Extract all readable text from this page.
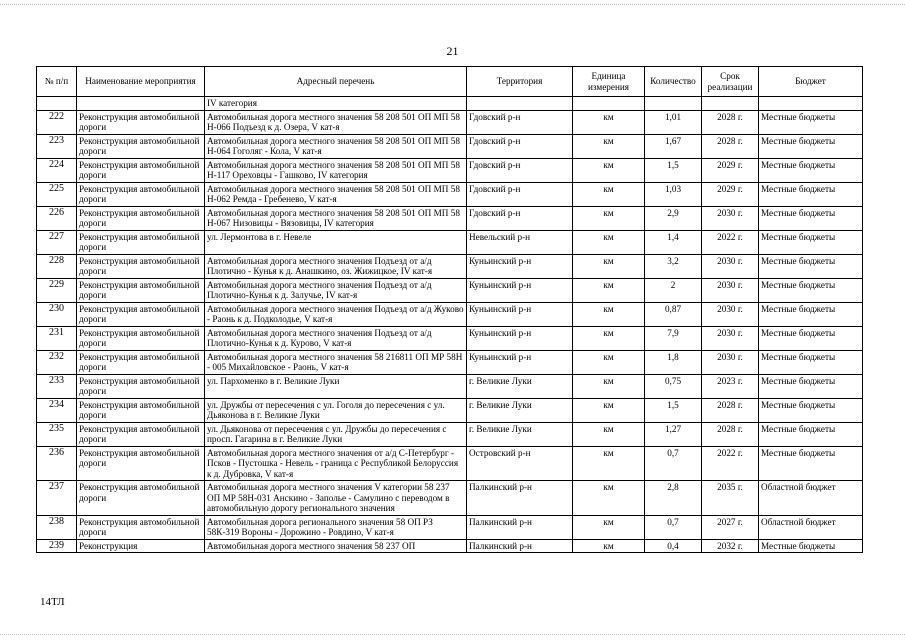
21
№ п/п	Наименование мероприятия	Адресный перечень	Территория	Единица измерения	Количество	Срок реализации	Бюджет
		IV категория					
222	Реконструкция автомобильной дороги	Автомобильная дорога местного значения 58 208 501 ОП МП 58 Н-066 Подъезд к д. Озера, V кат-я	Гдовский р-н	км	1,01	2028 г.	Местные бюджеты
223	Реконструкция автомобильной дороги	Автомобильная дорога местного значения 58 208 501 ОП МП 58 Н-064 Гоголяг - Кола, V кат-я	Гдовский р-н	км	1,67	2028 г.	Местные бюджеты
224	Реконструкция автомобильной дороги	Автомобильная дорога местного значения 58 208 501 ОП МП 58 Н-117 Ореховцы - Гашково, IV категория	Гдовский р-н	км	1,5	2029 г.	Местные бюджеты
225	Реконструкция автомобильной дороги	Автомобильная дорога местного значения 58 208 501 ОП МП 58 Н-062 Ремда - Гребенево, V кат-я	Гдовский р-н	км	1,03	2029 г.	Местные бюджеты
226	Реконструкция автомобильной дороги	Автомобильная дорога местного значения 58 208 501 ОП МП 58 Н-067 Низовицы - Вязовицы, IV категория	Гдовский р-н	км	2,9	2030 г.	Местные бюджеты
227	Реконструкция автомобильной дороги	ул. Лермонтова в г. Невеле	Невельский р-н	км	1,4	2022 г.	Местные бюджеты
228	Реконструкция автомобильной дороги	Автомобильная дорога местного значения Подъезд от а/д Плотично - Кунья к д. Анашкино, оз. Жижицкое, IV кат-я	Куньинский р-н	км	3,2	2030 г.	Местные бюджеты
229	Реконструкция автомобильной дороги	Автомобильная дорога местного значения Подъезд от а/д Плотично-Кунья к д. Залучье, IV кат-я	Куньинский р-н	км	2	2030 г.	Местные бюджеты
230	Реконструкция автомобильной дороги	Автомобильная дорога местного значения Подъезд от а/д Жуково - Раонь к д. Подколодье, V кат-я	Куньинский р-н	км	0,87	2030 г.	Местные бюджеты
231	Реконструкция автомобильной дороги	Автомобильная дорога местного значения Подъезд от а/д Плотично-Кунья к д. Курово, V кат-я	Куньинский р-н	км	7,9	2030 г.	Местные бюджеты
232	Реконструкция автомобильной дороги	Автомобильная дорога местного значения 58 216811 ОП МР 58Н - 005 Михайловское - Раонь, V кат-я	Куньинский р-н	км	1,8	2030 г.	Местные бюджеты
233	Реконструкция автомобильной дороги	ул. Пархоменко в г. Великие Луки	г. Великие Луки	км	0,75	2023 г.	Местные бюджеты
234	Реконструкция автомобильной дороги	ул. Дружбы от пересечения с ул. Гоголя до пересечения с ул. Дьяконова в г. Великие Луки	г. Великие Луки	км	1,5	2028 г.	Местные бюджеты
235	Реконструкция автомобильной дороги	ул. Дьяконова от пересечения с ул. Дружбы до пересечения с просп. Гагарина в г. Великие Луки	г. Великие Луки	км	1,27	2028 г.	Местные бюджеты
236	Реконструкция автомобильной дороги	Автомобильная дорога местного значения от а/д С-Петербург - Псков - Пустошка - Невель - граница с Республикой Белоруссия к д. Дубровка, V кат-я	Островский р-н	км	0,7	2022 г.	Местные бюджеты
237	Реконструкция автомобильной дороги	Автомобильная дорога местного значения V категории 58 237 ОП МР 58Н-031 Анскино - Заполье - Самулино с переводом в автомобильную дорогу регионального значения	Палкинский р-н	км	2,8	2035 г.	Областной бюджет
238	Реконструкция автомобильной дороги	Автомобильная дорога регионального значения 58 ОП РЗ 58К-319 Вороны - Дорожино - Ровдино, V кат-я	Палкинский р-н	км	0,7	2027 г.	Областной бюджет
239	Реконструкция	Автомобильная дорога местного значения 58 237 ОП	Палкинский р-н	км	0,4	2032 г.	Местные бюджеты
14ТЛ
